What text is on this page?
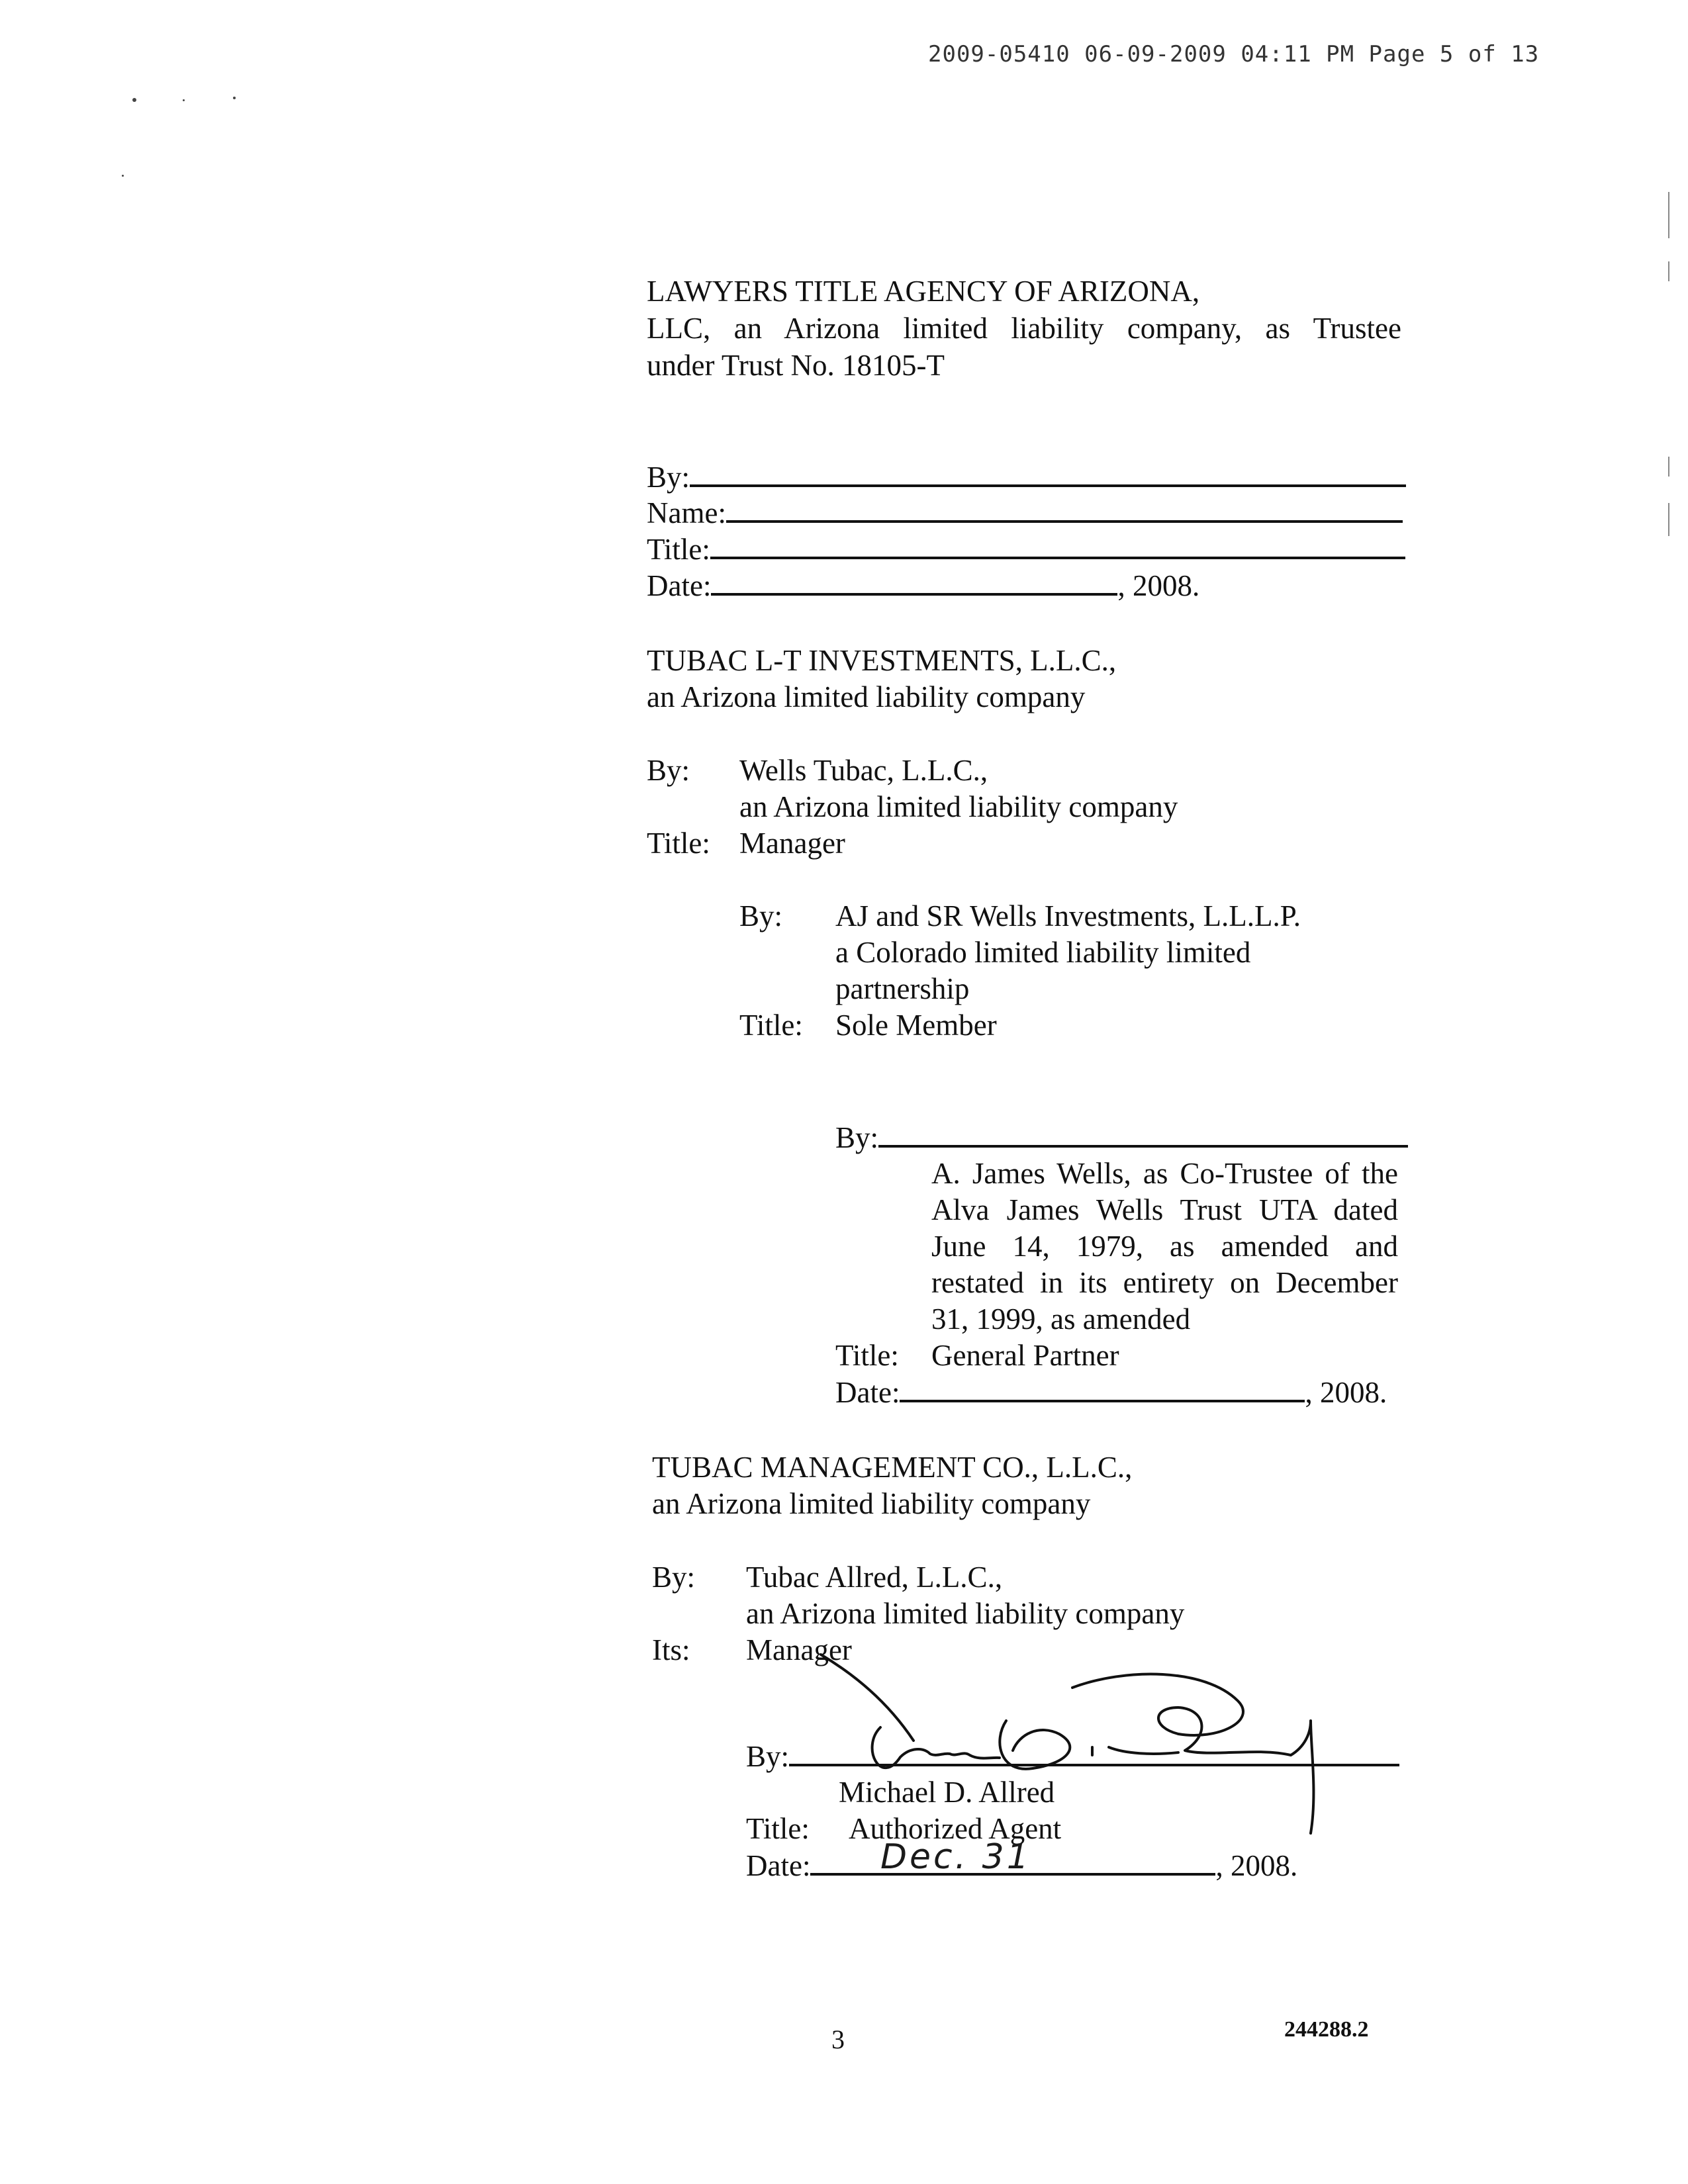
2009-05410 06-09-2009 04:11 PM Page 5 of 13
LAWYERS TITLE AGENCY OF ARIZONA,
LLC, an Arizona limited liability company, as Trustee
under Trust No. 18105-T
By:
Name:
Title:
Date:	, 2008.
TUBAC L-T INVESTMENTS, L.L.C.,
an Arizona limited liability company
By: Wells Tubac, L.L.C.,
an Arizona limited liability company
Title: Manager
By: AJ and SR Wells Investments, L.L.L.P.
a Colorado limited liability limited
partnership
Title: Sole Member
By:
A. James Wells, as Co-Trustee of the
Alva James Wells Trust UTA dated
June 14, 1979, as amended and
restated in its entirety on December
31, 1999, as amended
Title: General Partner
Date:	, 2008.
TUBAC MANAGEMENT CO., L.L.C.,
an Arizona limited liability company
By: Tubac Allred, L.L.C.,
an Arizona limited liability company
Its: Manager
By:
Michael D. Allred
Title: Authorized Agent
Date:	, 2008.
Dec. 31
3	244288.2
